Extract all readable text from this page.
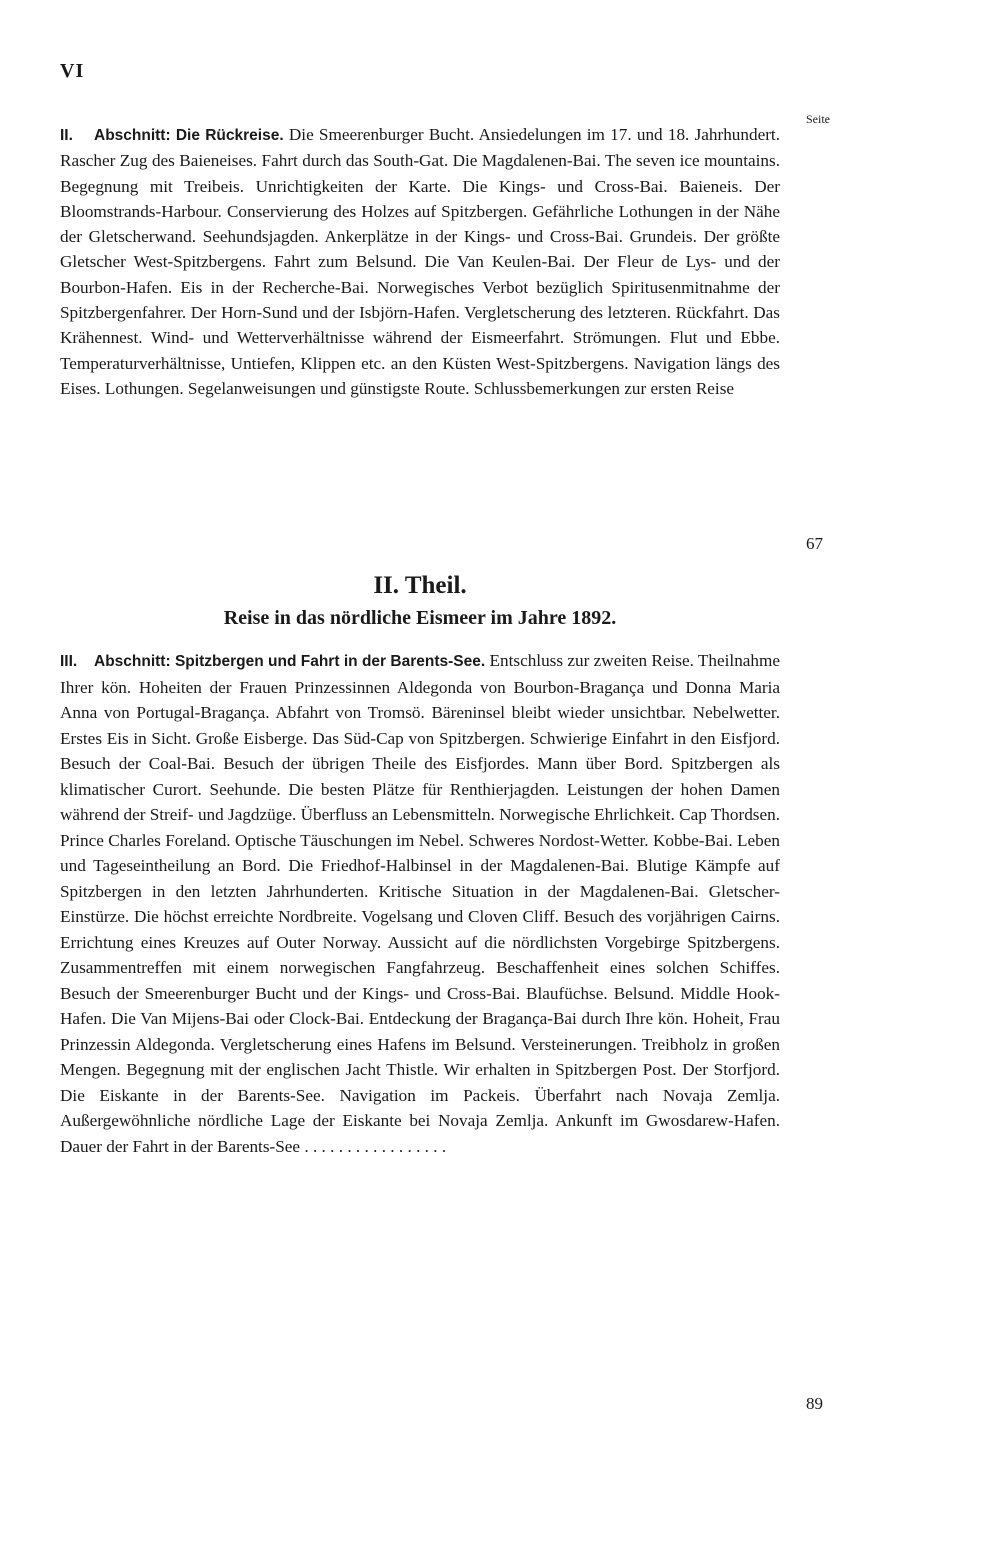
VI
Seite
II. Abschnitt: Die Rückreise. Die Smeerenburger Bucht. Ansiedelungen im 17. und 18. Jahrhundert. Rascher Zug des Baieneises. Fahrt durch das South-Gat. Die Magdalenen-Bai. The seven ice mountains. Begegnung mit Treibeis. Unrichtigkeiten der Karte. Die Kings- und Cross-Bai. Baieneis. Der Bloomstrands-Harbour. Conservierung des Holzes auf Spitzbergen. Gefährliche Lothungen in der Nähe der Gletscherwand. Seehundsjagden. Ankerplätze in der Kings- und Cross-Bai. Grundeis. Der größte Gletscher West-Spitzbergens. Fahrt zum Belsund. Die Van Keulen-Bai. Der Fleur de Lys- und der Bourbon-Hafen. Eis in der Recherche-Bai. Norwegisches Verbot bezüglich Spiritusenmitnahme der Spitzbergenfahrer. Der Horn-Sund und der Isbjörn-Hafen. Vergletscherung des letzteren. Rückfahrt. Das Krähennest. Wind- und Wetterverhältnisse während der Eismeerfahrt. Strömungen. Flut und Ebbe. Temperaturverhältnisse, Untiefen, Klippen etc. an den Küsten West-Spitzbergens. Navigation längs des Eises. Lothungen. Segelanweisungen und günstigste Route. Schlussbemerkungen zur ersten Reise
67
II. Theil.
Reise in das nördliche Eismeer im Jahre 1892.
III. Abschnitt: Spitzbergen und Fahrt in der Barents-See. Entschluss zur zweiten Reise. Theilnahme Ihrer kön. Hoheiten der Frauen Prinzessinnen Aldegonda von Bourbon-Bragança und Donna Maria Anna von Portugal-Bragança. Abfahrt von Tromsö. Bäreninsel bleibt wieder unsichtbar. Nebelwetter. Erstes Eis in Sicht. Große Eisberge. Das Süd-Cap von Spitzbergen. Schwierige Einfahrt in den Eisfjord. Besuch der Coal-Bai. Besuch der übrigen Theile des Eisfjordes. Mann über Bord. Spitzbergen als klimatischer Curort. Seehunde. Die besten Plätze für Renthierjagden. Leistungen der hohen Damen während der Streif- und Jagdzüge. Überfluss an Lebensmitteln. Norwegische Ehrlichkeit. Cap Thordsen. Prince Charles Foreland. Optische Täuschungen im Nebel. Schweres Nordost-Wetter. Kobbe-Bai. Leben und Tageseintheilung an Bord. Die Friedhof-Halbinsel in der Magdalenen-Bai. Blutige Kämpfe auf Spitzbergen in den letzten Jahrhunderten. Kritische Situation in der Magdalenen-Bai. Gletscher-Einstürze. Die höchst erreichte Nordbreite. Vogelsang und Cloven Cliff. Besuch des vorjährigen Cairns. Errichtung eines Kreuzes auf Outer Norway. Aussicht auf die nördlichsten Vorgebirge Spitzbergens. Zusammentreffen mit einem norwegischen Fangfahrzeug. Beschaffenheit eines solchen Schiffes. Besuch der Smeerenburger Bucht und der Kings- und Cross-Bai. Blaufüchse. Belsund. Middle Hook-Hafen. Die Van Mijens-Bai oder Clock-Bai. Entdeckung der Braganҫa-Bai durch Ihre kön. Hoheit, Frau Prinzessin Aldegonda. Vergletscherung eines Hafens im Belsund. Versteinerungen. Treibholz in großen Mengen. Begegnung mit der englischen Jacht Thistle. Wir erhalten in Spitzbergen Post. Der Storfjord. Die Eiskante in der Barents-See. Navigation im Packeis. Überfahrt nach Novaja Zemlja. Außergewöhnliche nördliche Lage der Eiskante bei Novaja Zemlja. Ankunft im Gwosdarew-Hafen. Dauer der Fahrt in der Barents-See . . . . . . . . . . . . . . . . .
89
